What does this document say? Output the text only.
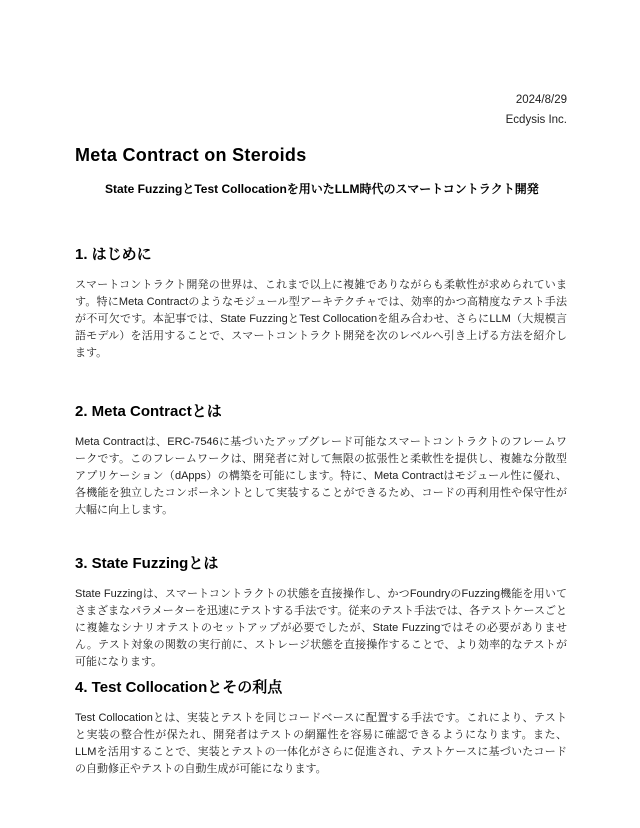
2024/8/29
Ecdysis Inc.
Meta Contract on Steroids

State FuzzingとTest Collocationを用いたLLM時代のスマートコントラクト開発

1. はじめに

スマートコントラクト開発の世界は、これまで以上に複雑でありながらも柔軟性が求められています。特にMeta Contractのようなモジュール型アーキテクチャでは、効率的かつ高精度なテスト手法が不可欠です。本記事では、State FuzzingとTest Collocationを組み合わせ、さらにLLM（大規模言語モデル）を活用することで、スマートコントラクト開発を次のレベルへ引き上げる方法を紹介します。

2. Meta Contractとは

Meta Contractは、ERC-7546に基づいたアップグレード可能なスマートコントラクトのフレームワークです。このフレームワークは、開発者に対して無限の拡張性と柔軟性を提供し、複雑な分散型アプリケーション（dApps）の構築を可能にします。特に、Meta Contractはモジュール性に優れ、各機能を独立したコンポーネントとして実装することができるため、コードの再利用性や保守性が大幅に向上します。

3. State Fuzzingとは

State Fuzzingは、スマートコントラクトの状態を直接操作し、かつFoundryのFuzzing機能を用いてさまざまなパラメーターを迅速にテストする手法です。従来のテスト手法では、各テストケースごとに複雑なシナリオテストのセットアップが必要でしたが、State Fuzzingではその必要がありません。テスト対象の関数の実行前に、ストレージ状態を直接操作することで、より効率的なテストが可能になります。

4. Test Collocationとその利点

Test Collocationとは、実装とテストを同じコードベースに配置する手法です。これにより、テストと実装の整合性が保たれ、開発者はテストの網羅性を容易に確認できるようになります。また、LLMを活用することで、実装とテストの一体化がさらに促進され、テストケースに基づいたコードの自動修正やテストの自動生成が可能になります。
